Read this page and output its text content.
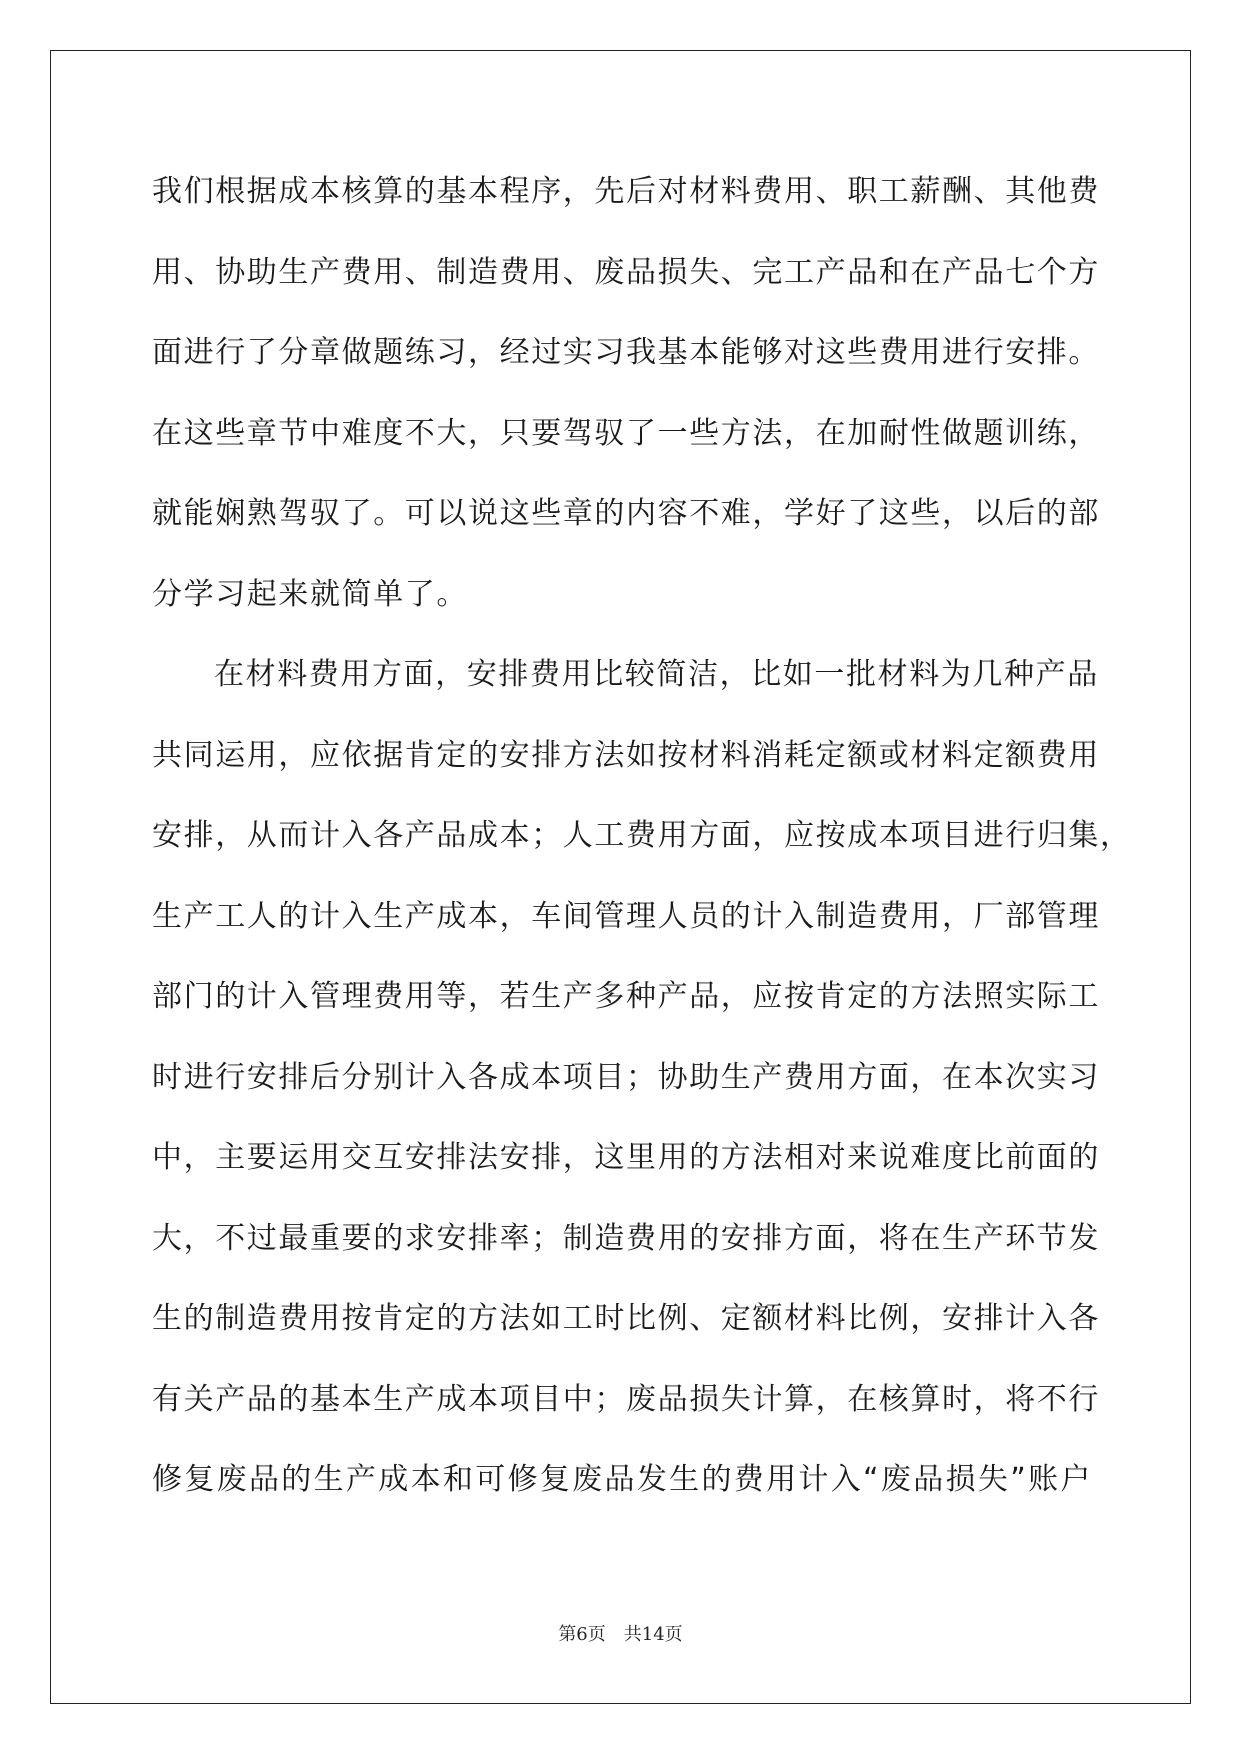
我们根据成本核算的基本程序，先后对材料费用、职工薪酬、其他费
用、协助生产费用、制造费用、废品损失、完工产品和在产品七个方
面进行了分章做题练习，经过实习我基本能够对这些费用进行安排。
在这些章节中难度不大，只要驾驭了一些方法，在加耐性做题训练，
就能娴熟驾驭了。可以说这些章的内容不难，学好了这些，以后的部
分学习起来就简单了。
在材料费用方面，安排费用比较简洁，比如一批材料为几种产品
共同运用，应依据肯定的安排方法如按材料消耗定额或材料定额费用
安排，从而计入各产品成本；人工费用方面，应按成本项目进行归集，
生产工人的计入生产成本，车间管理人员的计入制造费用，厂部管理
部门的计入管理费用等，若生产多种产品，应按肯定的方法照实际工
时进行安排后分别计入各成本项目；协助生产费用方面，在本次实习
中，主要运用交互安排法安排，这里用的方法相对来说难度比前面的
大，不过最重要的求安排率；制造费用的安排方面，将在生产环节发
生的制造费用按肯定的方法如工时比例、定额材料比例，安排计入各
有关产品的基本生产成本项目中；废品损失计算，在核算时，将不行
修复废品的生产成本和可修复废品发生的费用计入“废品损失”账户
第6页　共14页
